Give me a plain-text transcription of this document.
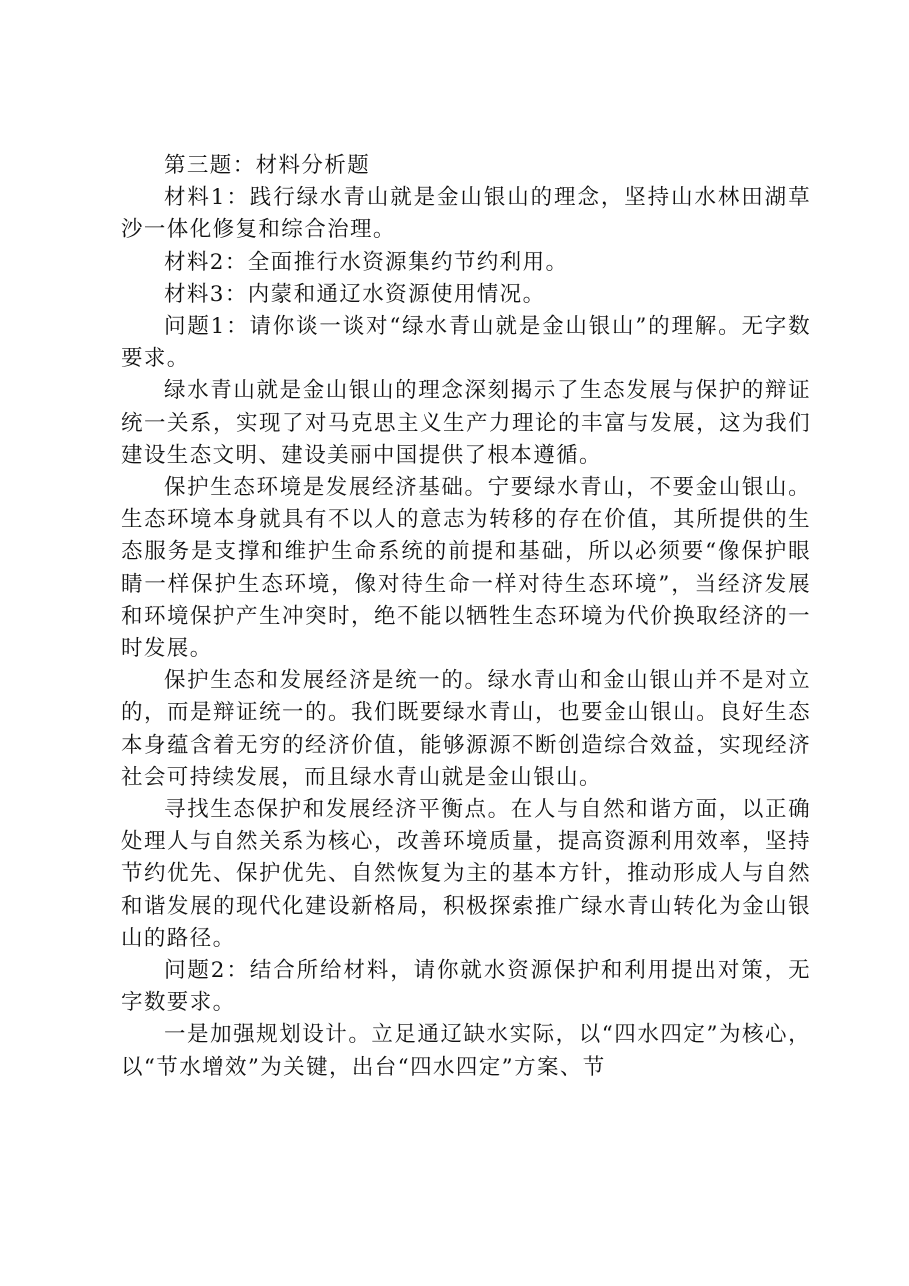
第三题：材料分析题

材料1：践行绿水青山就是金山银山的理念，坚持山水林田湖草沙一体化修复和综合治理。

材料2：全面推行水资源集约节约利用。

材料3：内蒙和通辽水资源使用情况。

问题1：请你谈一谈对“绿水青山就是金山银山”的理解。无字数要求。

绿水青山就是金山银山的理念深刻揭示了生态发展与保护的辩证统一关系，实现了对马克思主义生产力理论的丰富与发展，这为我们建设生态文明、建设美丽中国提供了根本遵循。

保护生态环境是发展经济基础。宁要绿水青山，不要金山银山。生态环境本身就具有不以人的意志为转移的存在价值，其所提供的生态服务是支撑和维护生命系统的前提和基础，所以必须要“像保护眼睛一样保护生态环境，像对待生命一样对待生态环境”，当经济发展和环境保护产生冲突时，绝不能以牺牲生态环境为代价换取经济的一时发展。

保护生态和发展经济是统一的。绿水青山和金山银山并不是对立的，而是辩证统一的。我们既要绿水青山，也要金山银山。良好生态本身蕴含着无穷的经济价值，能够源源不断创造综合效益，实现经济社会可持续发展，而且绿水青山就是金山银山。

寻找生态保护和发展经济平衡点。在人与自然和谐方面，以正确处理人与自然关系为核心，改善环境质量，提高资源利用效率，坚持节约优先、保护优先、自然恢复为主的基本方针，推动形成人与自然和谐发展的现代化建设新格局，积极探索推广绿水青山转化为金山银山的路径。

问题2：结合所给材料，请你就水资源保护和利用提出对策，无字数要求。

一是加强规划设计。立足通辽缺水实际，以“四水四定”为核心，以“节水增效”为关键，出台“四水四定”方案、节
